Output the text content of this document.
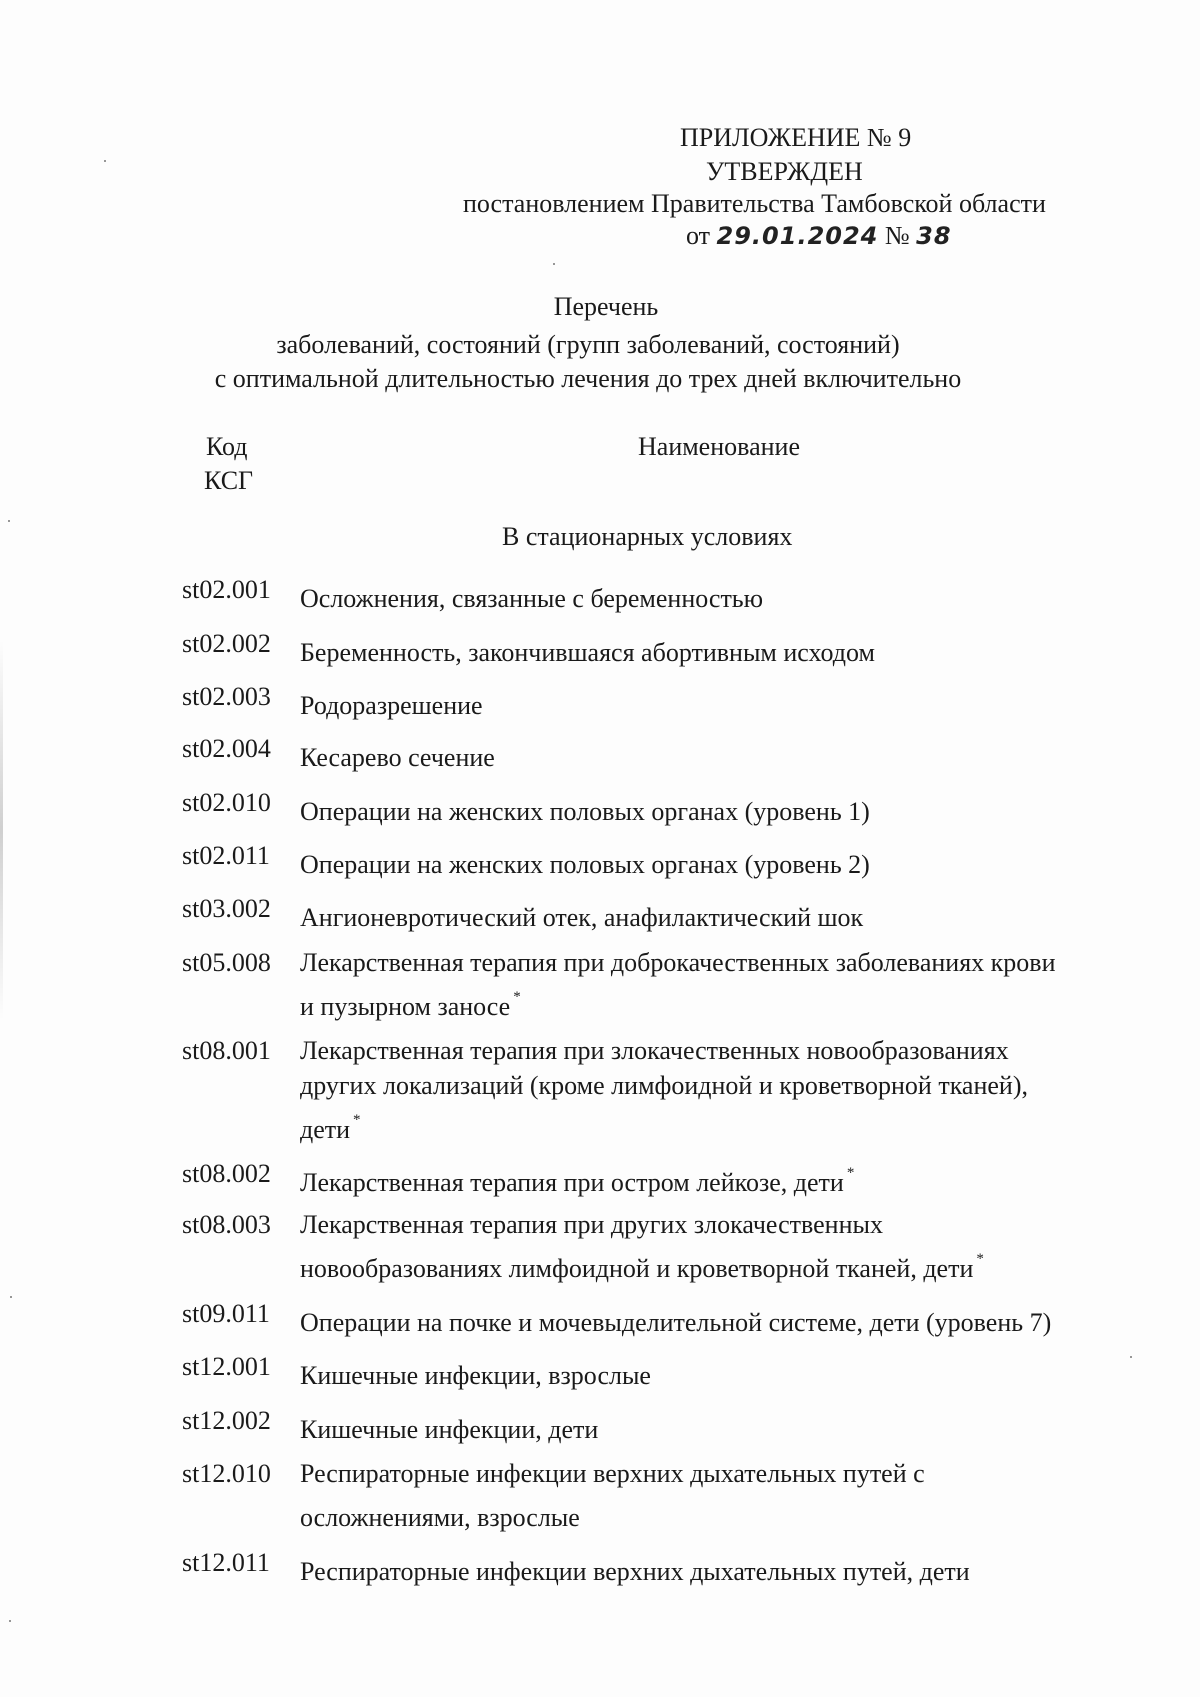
ПРИЛОЖЕНИЕ № 9
УТВЕРЖДЕН
постановлением Правительства Тамбовской области
от 29.01.2024 № 38
Перечень
заболеваний, состояний (групп заболеваний, состояний)
с оптимальной длительностью лечения до трех дней включительно
Код
КСГ
Наименование
В стационарных условиях
st02.001	Осложнения, связанные с беременностью
st02.002	Беременность, закончившаяся абортивным исходом
st02.003	Родоразрешение
st02.004	Кесарево сечение
st02.010	Операции на женских половых органах (уровень 1)
st02.011	Операции на женских половых органах (уровень 2)
st03.002	Ангионевротический отек, анафилактический шок
st05.008	Лекарственная терапия при доброкачественных заболеваниях крови
и пузырном заносе *
st08.001	Лекарственная терапия при злокачественных новообразованиях
других локализаций (кроме лимфоидной и кроветворной тканей),
дети *
st08.002	Лекарственная терапия при остром лейкозе, дети *
st08.003	Лекарственная терапия при других злокачественных
новообразованиях лимфоидной и кроветворной тканей, дети *
st09.011	Операции на почке и мочевыделительной системе, дети (уровень 7)
st12.001	Кишечные инфекции, взрослые
st12.002	Кишечные инфекции, дети
st12.010	Респираторные инфекции верхних дыхательных путей с
осложнениями, взрослые
st12.011	Респираторные инфекции верхних дыхательных путей, дети
